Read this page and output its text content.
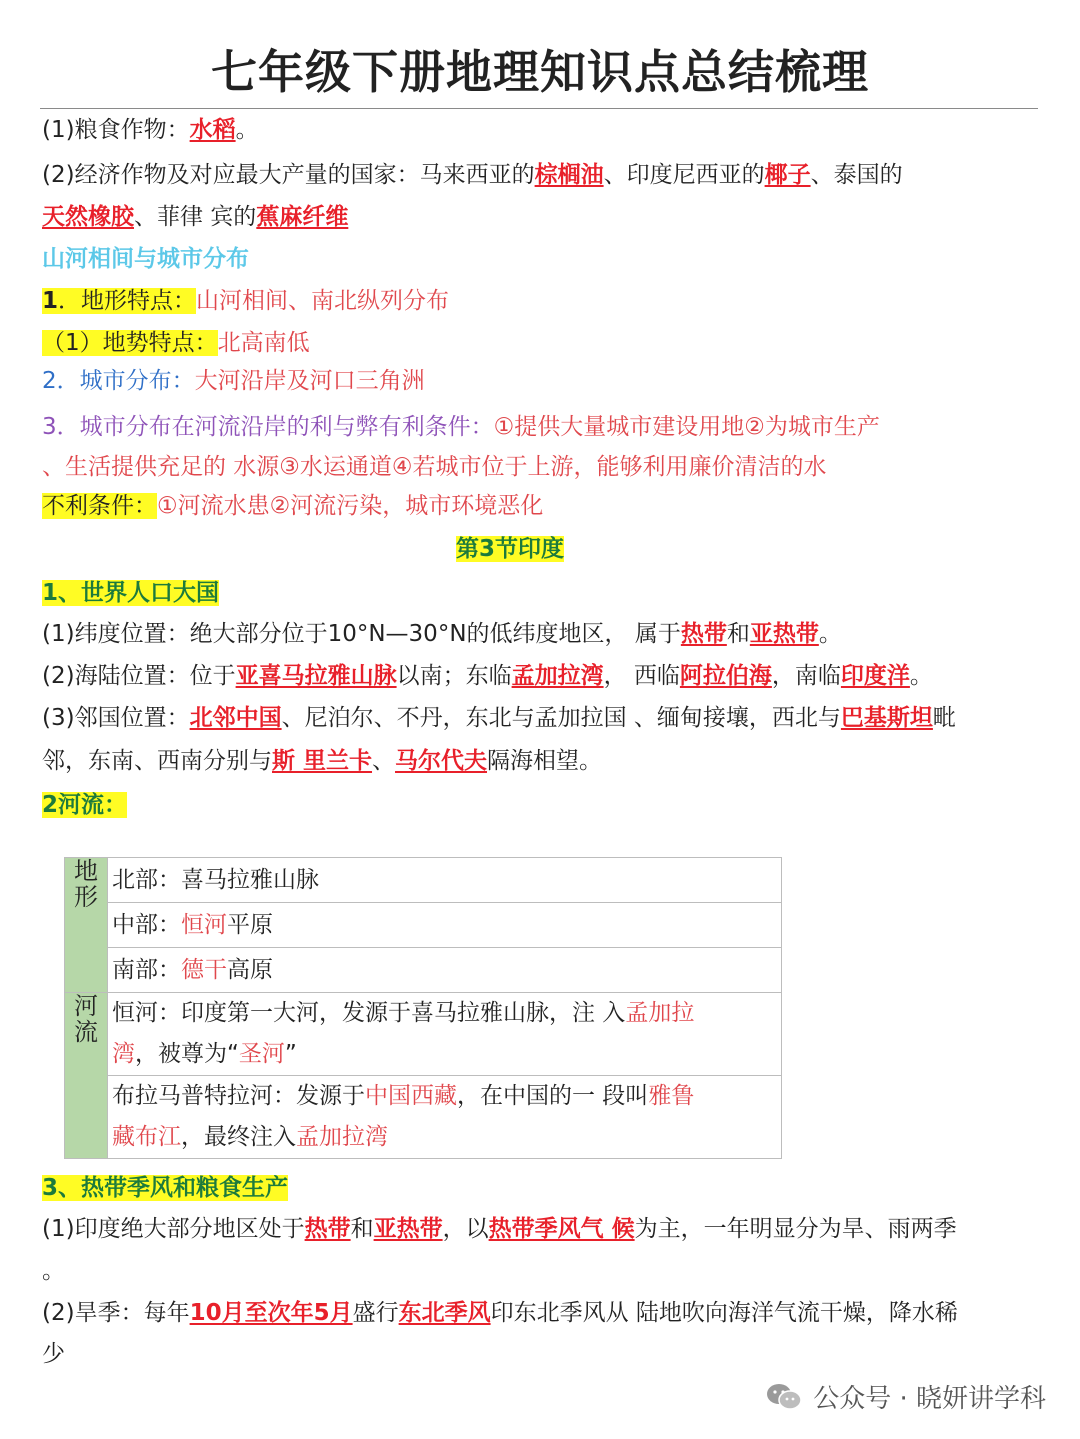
七年级下册地理知识点总结梳理
(1)粮食作物：水稻。
(2)经济作物及对应最大产量的国家：马来西亚的棕榈油、印度尼西亚的椰子、泰国的
天然橡胶、菲律 宾的蕉麻纤维
山河相间与城市分布
1．地形特点：山河相间、南北纵列分布
（1）地势特点：北高南低
2．城市分布：大河沿岸及河口三角洲
3．城市分布在河流沿岸的利与弊有利条件：①提供大量城市建设用地②为城市生产
、生活提供充足的 水源③水运通道④若城市位于上游，能够利用廉价清洁的水
不利条件：①河流水患②河流污染，城市环境恶化
第3节印度
1、世界人口大国
(1)纬度位置：绝大部分位于10°N—30°N的低纬度地区， 属于热带和亚热带。
(2)海陆位置：位于亚喜马拉雅山脉以南；东临孟加拉湾， 西临阿拉伯海，南临印度洋。
(3)邻国位置：北邻中国、尼泊尔、不丹，东北与孟加拉国 、缅甸接壤，西北与巴基斯坦毗
邻，东南、西南分别与斯 里兰卡、马尔代夫隔海相望。
2河流：
地形	北部：喜马拉雅山脉
	中部：恒河平原
	南部：德干高原
河流	恒河：印度第一大河，发源于喜马拉雅山脉，注 入孟加拉
湾，被尊为“圣河”
	布拉马普特拉河：发源于中国西藏，在中国的一 段叫雅鲁
藏布江，最终注入孟加拉湾
3、热带季风和粮食生产
(1)印度绝大部分地区处于热带和亚热带，以热带季风气 候为主，一年明显分为旱、雨两季
。
(2)旱季：每年10月至次年5月盛行东北季风印东北季风从 陆地吹向海洋气流干燥，降水稀
少
公众号 · 晓妍讲学科
